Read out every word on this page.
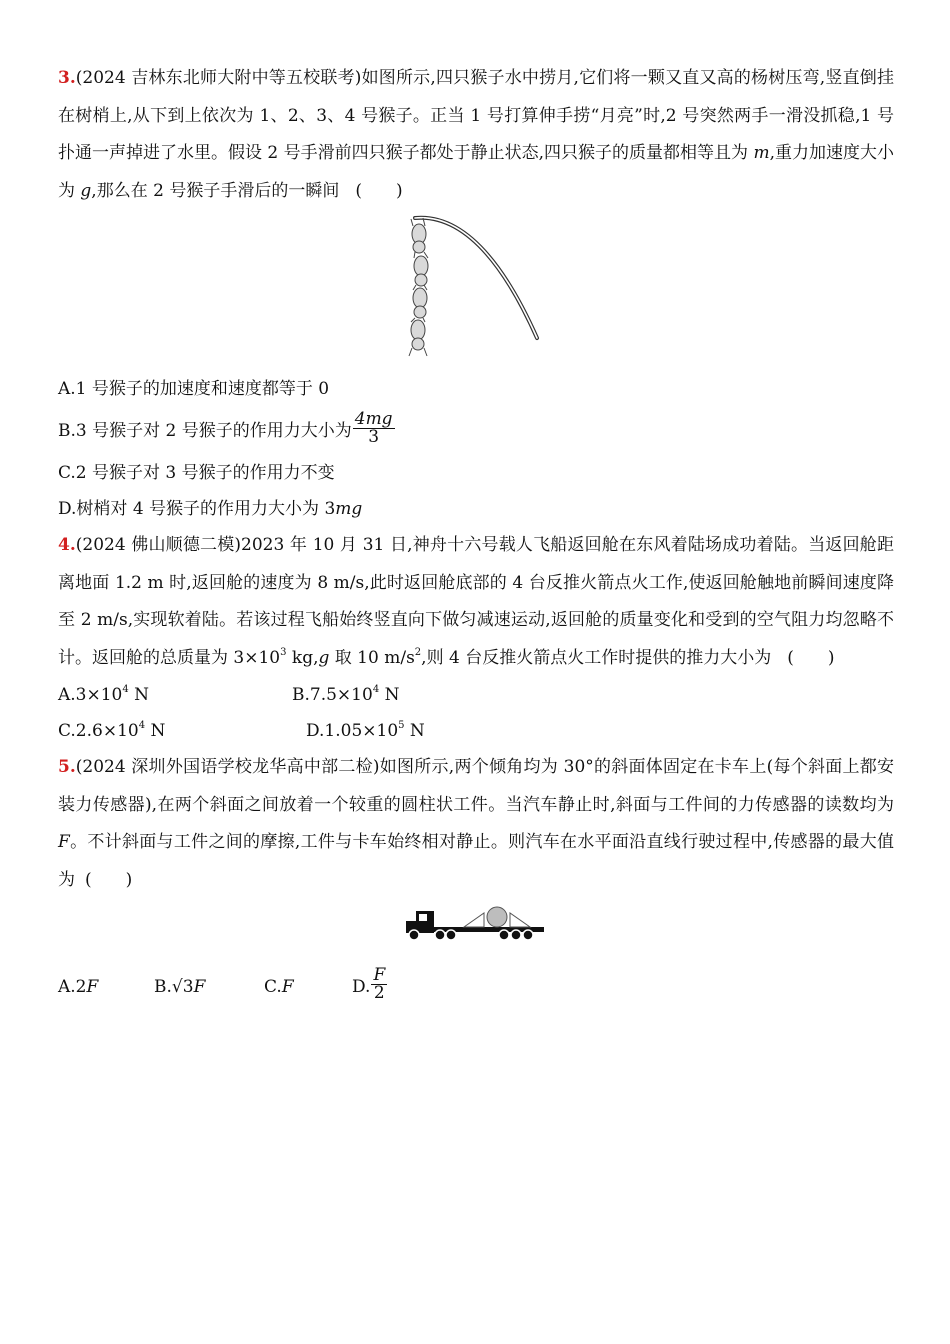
3.(2024 吉林东北师大附中等五校联考)如图所示,四只猴子水中捞月,它们将一颗又直又高的杨树压弯,竖直倒挂在树梢上,从下到上依次为 1、2、3、4 号猴子。正当 1 号打算伸手捞“月亮”时,2 号突然两手一滑没抓稳,1 号扑通一声掉进了水里。假设 2 号手滑前四只猴子都处于静止状态,四只猴子的质量都相等且为 m,重力加速度大小为 g,那么在 2 号猴子手滑后的一瞬间 ( )

A.1 号猴子的加速度和速度都等于 0

B.3 号猴子对 2 号猴子的作用力大小为 $\frac{4mg}{3}$

C.2 号猴子对 3 号猴子的作用力不变

D.树梢对 4 号猴子的作用力大小为 3mg

4.(2024 佛山顺德二模)2023 年 10 月 31 日,神舟十六号载人飞船返回舱在东风着陆场成功着陆。当返回舱距离地面 1.2 m 时,返回舱的速度为 8 m/s,此时返回舱底部的 4 台反推火箭点火工作,使返回舱触地前瞬间速度降至 2 m/s,实现软着陆。若该过程飞船始终竖直向下做匀减速运动,返回舱的质量变化和受到的空气阻力均忽略不计。返回舱的总质量为 $3\times 10^3$ kg,g 取 10 $m/s^2$,则 4 台反推火箭点火工作时提供的推力大小为 ( )

$A.3\times 10^4$ N	$B.7.5\times 10^4$ N
$C.2.6\times 10^4$ N	$D.1.05\times 10^5$ N

5.(2024 深圳外国语学校龙华高中部二检)如图所示,两个倾角均为 30°的斜面体固定在卡车上(每个斜面上都安装力传感器),在两个斜面之间放着一个较重的圆柱状工件。当汽车静止时,斜面与工件间的力传感器的读数均为 F。不计斜面与工件之间的摩擦,工件与卡车始终相对静止。则汽车在水平面沿直线行驶过程中,传感器的最大值为 ( )

A.2F	B.√3F	C.F	D. $\frac{F}{2}$
